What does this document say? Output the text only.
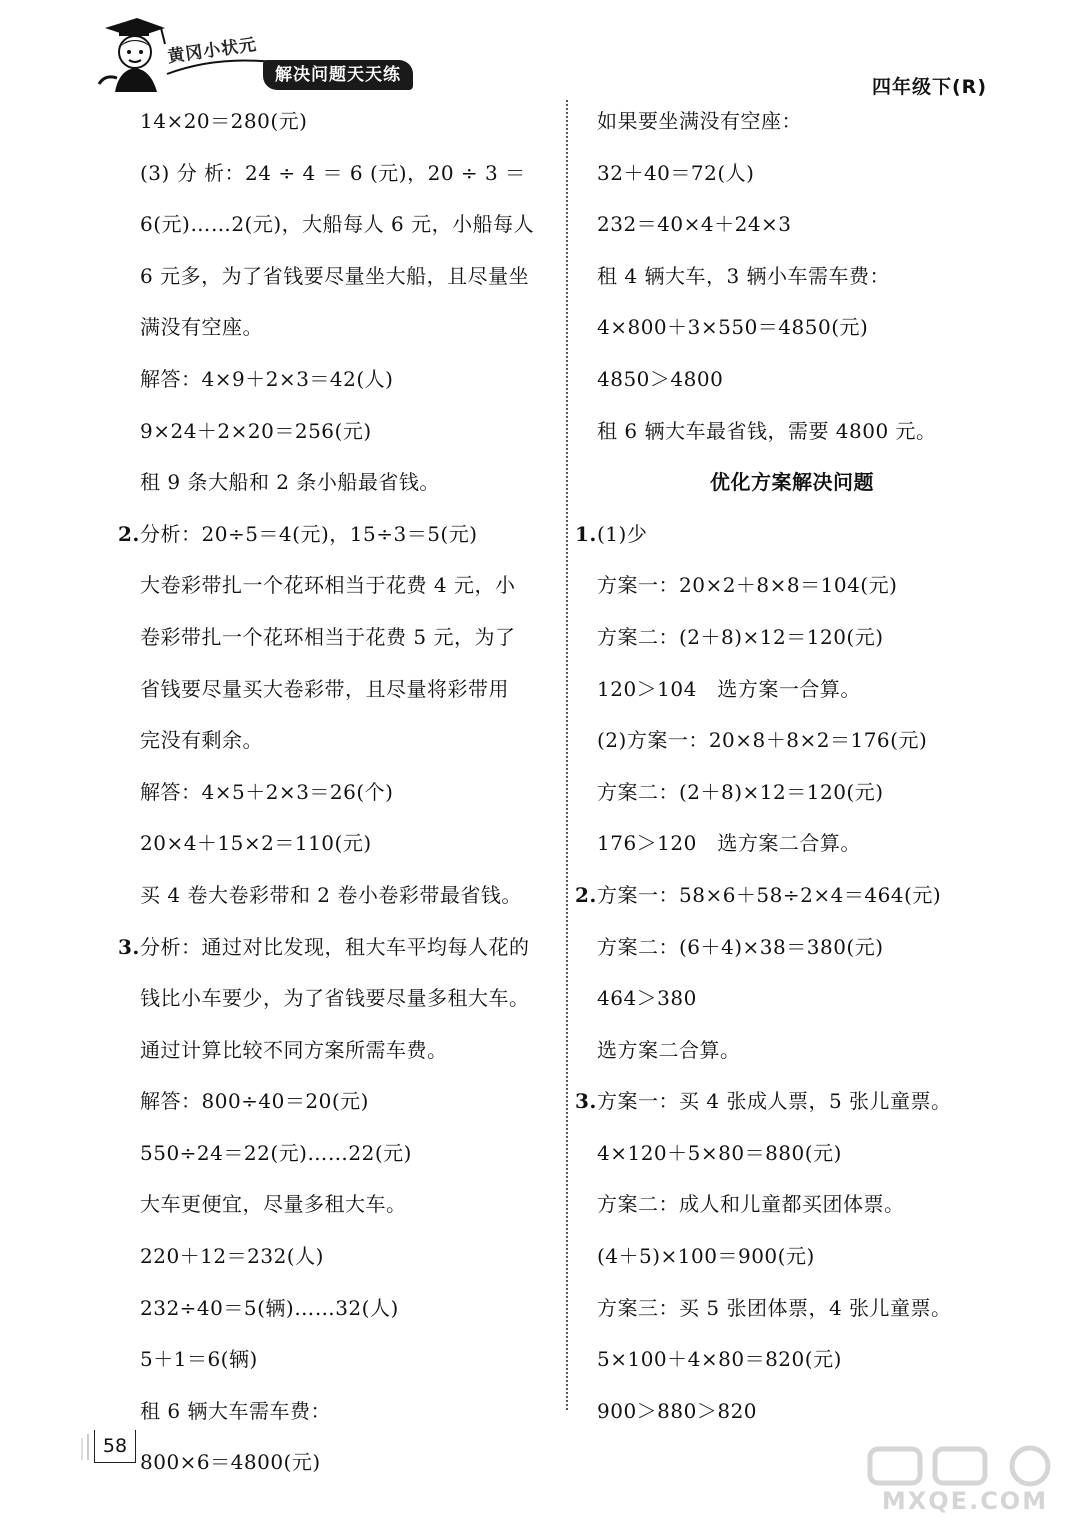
黄冈小状元
解决问题天天练
四年级下(R)
14×20＝280(元)
(3) 分 析：24 ÷ 4 ＝ 6 (元)，20 ÷ 3 ＝
6(元)……2(元)，大船每人 6 元，小船每人
6 元多，为了省钱要尽量坐大船，且尽量坐
满没有空座。
解答：4×9＋2×3＝42(人)
9×24＋2×20＝256(元)
租 9 条大船和 2 条小船最省钱。
2.分析：20÷5＝4(元)，15÷3＝5(元)
大卷彩带扎一个花环相当于花费 4 元，小
卷彩带扎一个花环相当于花费 5 元，为了
省钱要尽量买大卷彩带，且尽量将彩带用
完没有剩余。
解答：4×5＋2×3＝26(个)
20×4＋15×2＝110(元)
买 4 卷大卷彩带和 2 卷小卷彩带最省钱。
3.分析：通过对比发现，租大车平均每人花的
钱比小车要少，为了省钱要尽量多租大车。
通过计算比较不同方案所需车费。
解答：800÷40＝20(元)
550÷24＝22(元)……22(元)
大车更便宜，尽量多租大车。
220＋12＝232(人)
232÷40＝5(辆)……32(人)
5＋1＝6(辆)
租 6 辆大车需车费：
800×6＝4800(元)
如果要坐满没有空座：
32＋40＝72(人)
232＝40×4＋24×3
租 4 辆大车，3 辆小车需车费：
4×800＋3×550＝4850(元)
4850＞4800
租 6 辆大车最省钱，需要 4800 元。
优化方案解决问题
1.(1)少
方案一：20×2＋8×8＝104(元)
方案二：(2＋8)×12＝120(元)
120＞104　选方案一合算。
(2)方案一：20×8＋8×2＝176(元)
方案二：(2＋8)×12＝120(元)
176＞120　选方案二合算。
2.方案一：58×6＋58÷2×4＝464(元)
方案二：(6＋4)×38＝380(元)
464＞380
选方案二合算。
3.方案一：买 4 张成人票，5 张儿童票。
4×120＋5×80＝880(元)
方案二：成人和儿童都买团体票。
(4＋5)×100＝900(元)
方案三：买 5 张团体票，4 张儿童票。
5×100＋4×80＝820(元)
900＞880＞820
58
MXQE.COM
